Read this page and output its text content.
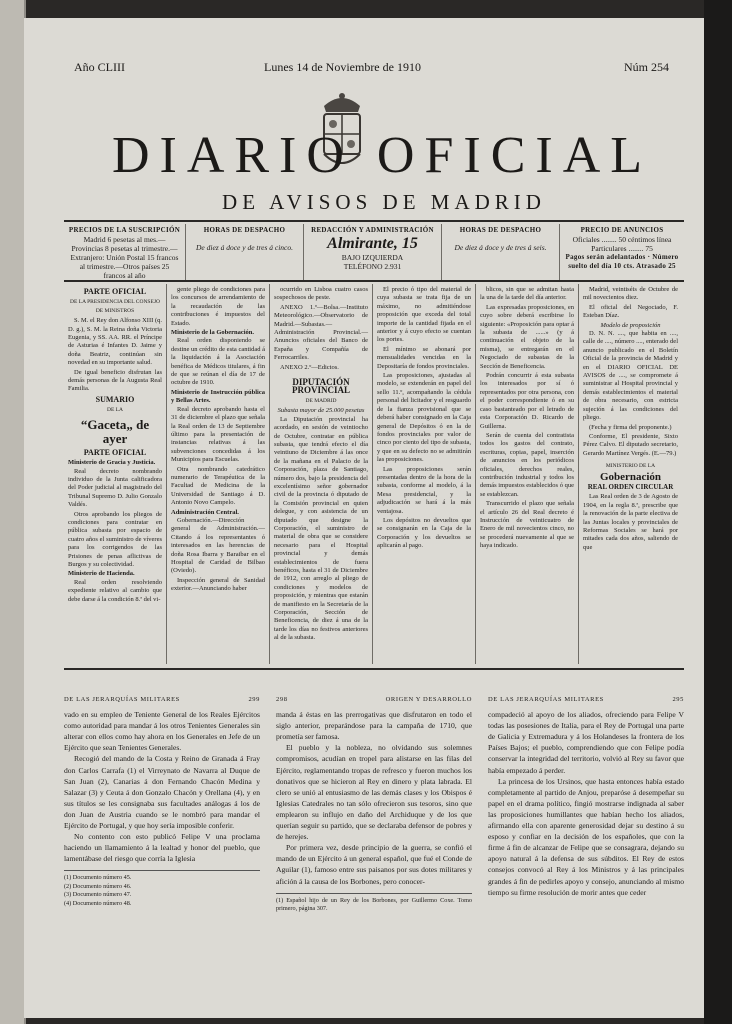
Año CLIII	Lunes 14 de Noviembre de 1910	Núm 254
DIARIO OFICIAL
DE AVISOS DE MADRID
PRECIOS DE LA SUSCRIPCIÓN
Madrid 6 pesetas al mes.—Provincias 8 pesetas al trimestre.—Extranjero: Unión Postal 15 francos al trimestre.—Otros países 25 francos al año
HORAS DE DESPACHO
De diez á doce y de tres á cinco.
REDACCIÓN Y ADMINISTRACIÓN
Almirante, 15
BAJO IZQUIERDA
TELÉFONO 2.931
HORAS DE DESPACHO
De diez á doce y de tres á seis.
PRECIO DE ANUNCIOS
Oficiales ........ 50 céntimos línea
Particulares ........ 75
Pagos serán adelantados · Número suelto del día 10 cts. Atrasado 25
PARTE OFICIAL
DE LA PRESIDENCIA DEL CONSEJO DE MINISTROS

S. M. el Rey don Alfonso XIII (q. D. g.), S. M. la Reina doña Victoria Eugenia, y SS. AA. RR. el Príncipe de Asturias é Infantes D. Jaime y doña Beatriz, continúan sin novedad en su importante salud.

De igual beneficio disfrutan las demás personas de la Augusta Real Familia.

SUMARIO
DE LA
“Gaceta„ de ayer
PARTE OFICIAL
Ministerio de Gracia y Justicia.

Real decreto nombrando individuo de la Junta calificadora del Poder judicial al magistrado del Tribunal Supremo D. Julio Gonzalo Valdés.

Otros aprobando los pliegos de condiciones para contratar en pública subasta por espacio de cuatro años el suministro de víveres para los corrigendos de las Prisiones de penas aflictivas de Burgos y su colectividad.

Ministerio de Hacienda.

Real orden resolviendo expediente relativo al cambio que debe darse á la condición 8.ª del vi-

gente pliego de condiciones para los concursos de arrendamiento de la recaudación de las contribuciones é impuestos del Estado.

Ministerio de la Gobernación.

Real orden disponiendo se destine un crédito de esta cantidad á la liquidación á la Asociación benéfica de Médicos titulares, á fin de que se reúnan el día de 17 de octubre de 1910.

Ministerio de Instrucción pública y Bellas Artes.

Real decreto aprobando hasta el 31 de diciembre el plazo que señala la Real orden de 13 de Septiembre último para la presentación de instancias relativas á las subvenciones concedidas á los Municipios para Escuelas.

Otra nombrando catedrático numerario de Terapéutica de la Facultad de Medicina de la Universidad de Santiago á D. Antonio Novo Campelo.

Administración Central.

Gobernación.—Dirección general de Administración.—Citando á los representantes ó interesados en las herencias de doña Rosa Ibarra y Baraibar en el Hospital de Caridad de Bilbao (Oviedo).

Inspección general de Sanidad exterior.—Anunciando haber

ocurrido en Lisboa cuatro casos sospechosos de peste.

ANEXO 1.º—Bolsa.—Instituto Meteorológico.—Observatorio de Madrid.—Subastas.—Administración Provincial.—Anuncios oficiales del Banco de España y Compañía de Ferrocarriles.

ANEXO 2.º—Edictos.

DIPUTACIÓN PROVINCIAL
DE MADRID
Subasta mayor de 25.000 pesetas

La Diputación provincial ha acordado, en sesión de veintiocho de Octubre, contratar en pública subasta, que tendrá efecto el día veintiuno de Diciembre á las once de la mañana en el Palacio de la Corporación, plaza de Santiago, número dos, bajo la presidencia del excelentísimo señor gobernador civil de la provincia ó diputado de la Comisión provincial en quien delegue, y con asistencia de un diputado que designe la Corporación, el suministro de material de obra que se considere necesario para el Hospital provincial y demás establecimientos de fuera benéficos, hasta el 31 de Diciembre de 1912, con arreglo al pliego de condiciones y modelos de proposición, y mientras que estarán de manifiesto en la Secretaría de la Corporación, Sección de Beneficencia, de diez á una de la tarde los días no festivos anteriores al de la subasta.

El precio ó tipo del material de cuya subasta se trata fija de un máximo, no admitiéndose proposición que exceda del total importe de la cantidad fijada en el anterior y á cuyo efecto se cuentan los portes.

El mínimo se abonará por mensualidades vencidas en la Depositaría de fondos provinciales.

Las proposiciones, ajustadas al modelo, se extenderán en papel del sello 11.º, acompañando la cédula personal del licitador y el resguardo de la fianza provisional que se deberá haber consignado en la Caja general de Depósitos ó en la de fondos provinciales por valor de cinco por ciento del tipo de subasta, y que en su defecto no se admitirán las proposiciones.

Las proposiciones serán presentadas dentro de la hora de la subasta, conforme al modelo, á la Mesa presidencial, y la adjudicación se hará á la más ventajosa.

Los depósitos no devueltos que se consignarán en la Caja de la Corporación y los devueltos se aplicarán al pago.

blicos, sin que se admitan hasta la una de la tarde del día anterior.

Las expresadas proposiciones, en cuyo sobre deberá escribirse lo siguiente: «Proposición para optar á la subasta de ......» (y á continuación el objeto de la misma), se entregarán en el Negociado de subastas de la Sección de Beneficencia.

Podrán concurrir á esta subasta los interesados por sí ó representados por otra persona, con el poder correspondiente ó en su caso bastanteado por el letrado de esta Corporación D. Ricardo de Guillerna.

Serán de cuenta del contratista todos los gastos del contrato, escrituras, copias, papel, inserción de anuncios en los periódicos oficiales, derechos reales, contribución industrial y todos los demás impuestos establecidos ó que se establezcan.

Transcurrido el plazo que señala el artículo 26 del Real decreto é Instrucción de veinticuatro de Enero de mil novecientos cinco, no se procederá nuevamente al que se haya indicado.

Madrid, veintiséis de Octubre de mil novecientos diez.

El oficial del Negociado, F. Esteban Díaz.

Modelo de proposición

D. N. N. ...., que habita en ...., calle de ...., número ...., enterado del anuncio publicado en el Boletín Oficial de la provincia de Madrid y en el DIARIO OFICIAL DE AVISOS de ...., se compromete á suministrar al Hospital provincial y demás establecimientos el material de obra necesario, con estricta sujeción á las condiciones del pliego.

(Fecha y firma del proponente.)

Conforme, El presidente, Sixto Pérez Calvo. El diputado secretario, Gerardo Martínez Vergés. (E.—79.)

MINISTERIO DE LA
Gobernación
REAL ORDEN CIRCULAR

Las Real orden de 3 de Agosto de 1904, en la regla 8.ª, prescribe que la renovación de la parte electiva de las Juntas locales y provinciales de Reformas Sociales se hará por mitades cada dos años, saliendo de que

DE LAS JERARQUÍAS MILITARES	299

vado en su empleo de Teniente General de los Reales Ejércitos como autoridad para mandar á los otros Tenientes Generales sin alterar con ellos como hay ahora en los Generales en Jefe de un Ejército que sean Tenientes Generales.

Recogió del mando de la Costa y Reino de Granada á Fray don Carlos Carrafa (1) el Virreynato de Navarra al Duque de San Juan (2), Canarias á don Fernando Chacón Medina y Salazar (3) y Ceuta á don Gonzalo Chacón y Orellana (4), y en sus títulos se les consignaba sus facultades análogas á los de don Juan de Austria cuando se le nombró para mandar el Ejército de Portugal, y que hoy sería imposible conferir.

No contento con esto publicó Felipe V una proclama haciendo un llamamiento á la lealtad y honor del pueblo, que lamentábase del riesgo que corría la Iglesia

(1) Documento número 45.
(2) Documento número 46.
(3) Documento número 47.
(4) Documento número 48.
298	ORIGEN Y DESARROLLO

manda á éstas en las prerrogativas que disfrutaron en todo el siglo anterior, preparándose para la campaña de 1710, que prometía ser famosa.

El pueblo y la nobleza, no olvidando sus solemnes compromisos, acudían en tropel para alistarse en las filas del Ejército, reglamentando tropas de refresco y fueron muchos los donativos que se hicieron al Rey en dinero y plata labrada. El clero se unió al entusiasmo de las demás clases y los Obispos é Iglesias Catedrales no tan sólo ofrecieron sus tesoros, sino que emplearon su influjo en daño del Archiduque y de los que querían seguir su partido, que se declaraba defensor de pobres y de herejes.

Por primera vez, desde principio de la guerra, se confió el mando de un Ejército á un general español, que fué el Conde de Aguilar (1), famoso entre sus paisanos por sus dotes militares y afición á la causa de los Borbones, pero conocer-

(1) Español hijo de un Rey de los Borbones, por Guillermo Coxe. Tomo primero, página 307.
DE LAS JERARQUÍAS MILITARES	295

compadeció al apoyo de los aliados, ofreciendo para Felipe V todas las posesiones de Italia, para el Rey de Portugal una parte de Galicia y Extremadura y á los Holandeses la frontera de los Países Bajos; el pueblo, comprendiendo que con Felipe podía conservar la integridad del territorio, volvió al Rey su favor que había empezado á perder.

La princesa de los Ursinos, que hasta entonces había estado completamente al partido de Anjou, preparóse á desempeñar su papel en el drama político, fingió mostrarse indignada al saber las proposiciones humillantes que habían hecho los aliados, afirmando ella con aparente generosidad dejar su destino á su esposo y confiar en la decisión de los españoles, que con la firme á fin de alcanzar de Felipe que se consagrara, dejando su apoyo natural á la defensa de sus súbditos. El Rey de estos consejos convocó al Rey á los Ministros y á las principales grandes á fin de pedirles apoyo y consejo, anunciando al mismo tiempo su firme resolución de morir antes que ceder
